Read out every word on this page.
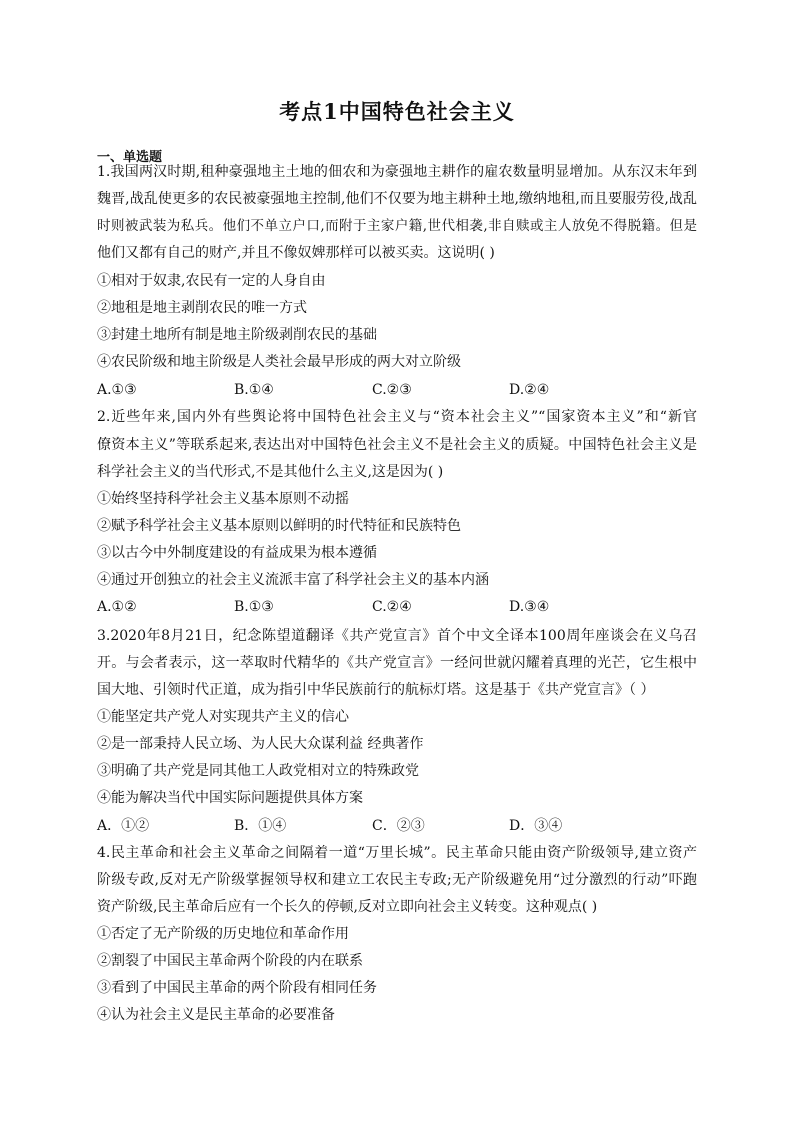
考点1中国特色社会主义
一、单选题
1.我国两汉时期,租种豪强地主土地的佃农和为豪强地主耕作的雇农数量明显增加。从东汉末年到
魏晋,战乱使更多的农民被豪强地主控制,他们不仅要为地主耕种土地,缴纳地租,而且要服劳役,战乱
时则被武装为私兵。他们不单立户口,而附于主家户籍,世代相袭,非自赎或主人放免不得脱籍。但是
他们又都有自己的财产,并且不像奴婢那样可以被买卖。这说明( )
①相对于奴隶,农民有一定的人身自由
②地租是地主剥削农民的唯一方式
③封建土地所有制是地主阶级剥削农民的基础
④农民阶级和地主阶级是人类社会最早形成的两大对立阶级
A.①③	B.①④	C.②③	D.②④
2.近些年来,国内外有些舆论将中国特色社会主义与“资本社会主义”“国家资本主义”和“新官
僚资本主义”等联系起来,表达出对中国特色社会主义不是社会主义的质疑。中国特色社会主义是
科学社会主义的当代形式,不是其他什么主义,这是因为( )
①始终坚持科学社会主义基本原则不动摇
②赋予科学社会主义基本原则以鲜明的时代特征和民族特色
③以古今中外制度建设的有益成果为根本遵循
④通过开创独立的社会主义流派丰富了科学社会主义的基本内涵
A.①②	B.①③	C.②④	D.③④
3.2020年8月21日，纪念陈望道翻译《共产党宣言》首个中文全译本100周年座谈会在义乌召
开。与会者表示，这一萃取时代精华的《共产党宣言》一经问世就闪耀着真理的光芒，它生根中
国大地、引领时代正道，成为指引中华民族前行的航标灯塔。这是基于《共产党宣言》（ ）
①能坚定共产党人对实现共产主义的信心
②是一部秉持人民立场、为人民大众谋利益 经典著作
③明确了共产党是同其他工人政党相对立的特殊政党
④能为解决当代中国实际问题提供具体方案
A．①②	B．①④	C．②③	D．③④
4.民主革命和社会主义革命之间隔着一道“万里长城”。民主革命只能由资产阶级领导,建立资产
阶级专政,反对无产阶级掌握领导权和建立工农民主专政;无产阶级避免用“过分激烈的行动”吓跑
资产阶级,民主革命后应有一个长久的停顿,反对立即向社会主义转变。这种观点( )
①否定了无产阶级的历史地位和革命作用
②割裂了中国民主革命两个阶段的内在联系
③看到了中国民主革命的两个阶段有相同任务
④认为社会主义是民主革命的必要准备
